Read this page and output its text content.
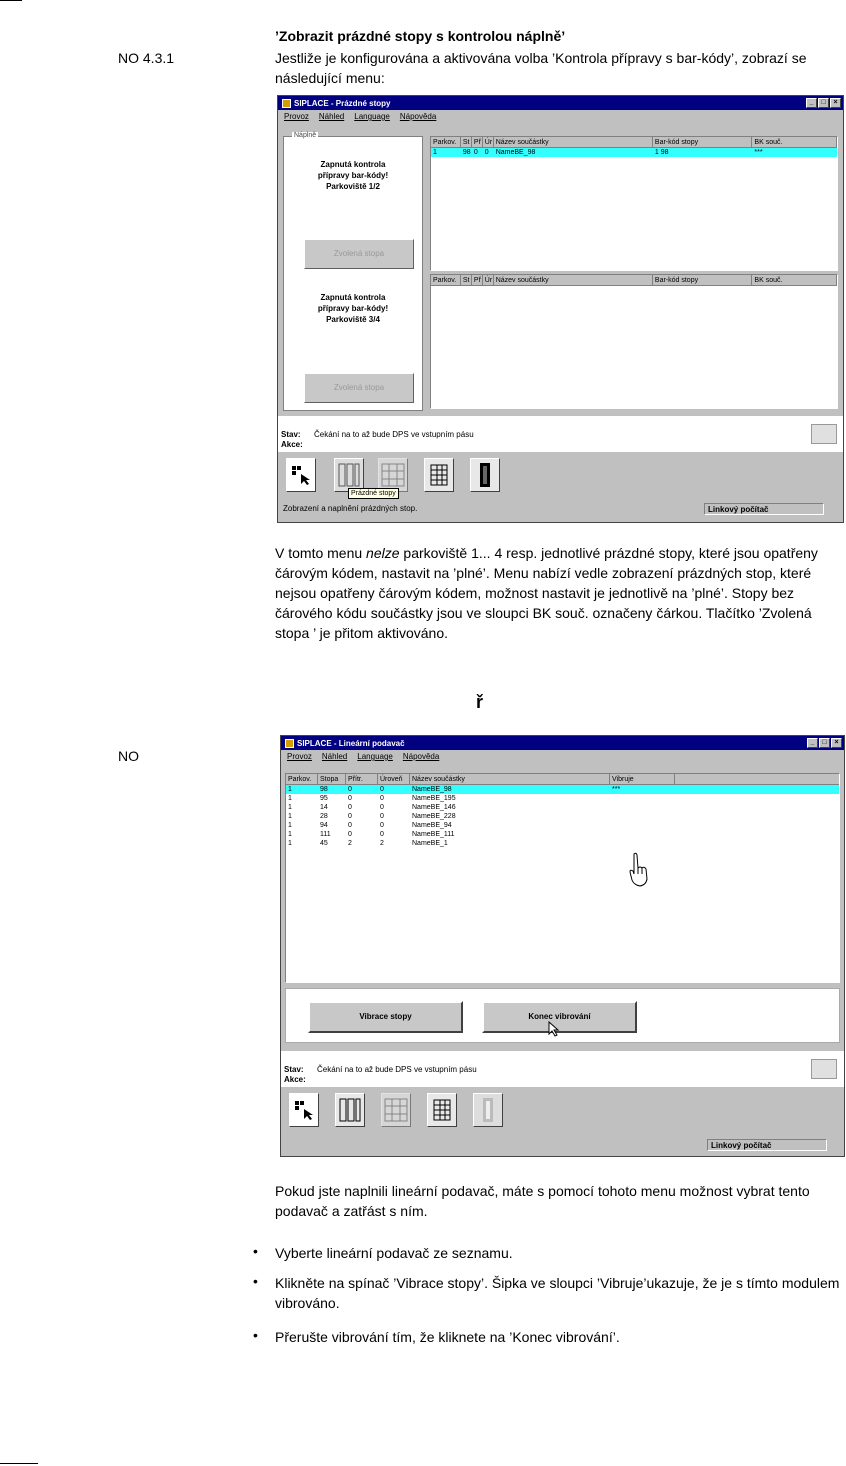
’Zobrazit prázdné stopy s kontrolou náplně’
NO 4.3.1	Jestliže je konfigurována a aktivována volba ’Kontrola přípravy s bar-kódy’, zobrazí se následující menu:
SIPLACE - Prázdné stopy	_	□	×
Provoz Náhled Language Nápověda
Náplně
Zapnutá kontrola
přípravy bar-kódy!
Parkoviště 1/2
Zvolená stopa
Zapnutá kontrola
přípravy bar-kódy!
Parkoviště 3/4
Zvolená stopa
Parkov. St Př Úr Název součástky	Bar-kód stopy	BK souč.
1	98 0	0	NameBE_98	1 98	***
Parkov. St Př Úr Název součástky	Bar-kód stopy	BK souč.
Stav: Čekání na to až bude DPS ve vstupním pásu
Akce:
Prázdné stopy
Zobrazení a naplnění prázdných stop.	Linkový počítač
V tomto menu nelze parkoviště 1... 4 resp. jednotlivé prázdné stopy, které jsou opatřeny čárovým kódem, nastavit na ’plné’. Menu nabízí vedle zobrazení prázdných stop, které nejsou opatřeny čárovým kódem, možnost nastavit je jednotlivě na ’plné’. Stopy bez čárového kódu součástky jsou ve sloupci BK souč. označeny čárkou. Tlačítko ’Zvolená stopa ’ je přitom aktivováno.
ř
NO
SIPLACE - Lineární podavač	_	□	×
Provoz Náhled Language Nápověda
Parkov.	Stopa	Přítr.	Úroveň	Název součástky	Vibruje
1	98	0	0	NameBE_98	***
1	95	0	0	NameBE_195
1	14	0	0	NameBE_146
1	28	0	0	NameBE_228
1	94	0	0	NameBE_94
1	111	0	0	NameBE_111
1	45	2	2	NameBE_1
Vibrace stopy	Konec vibrování
Stav: Čekání na to až bude DPS ve vstupním pásu
Akce:
Linkový počítač
Pokud jste naplnili lineární podavač, máte s pomocí tohoto menu možnost vybrat tento podavač a zatřást s ním.
• Vyberte lineární podavač ze seznamu.
• Klikněte na spínač ’Vibrace stopy’. Šipka ve sloupci ’Vibruje’ukazuje, že je s tímto modulem vibrováno.
• Přerušte vibrování tím, že kliknete na ’Konec vibrování’.
